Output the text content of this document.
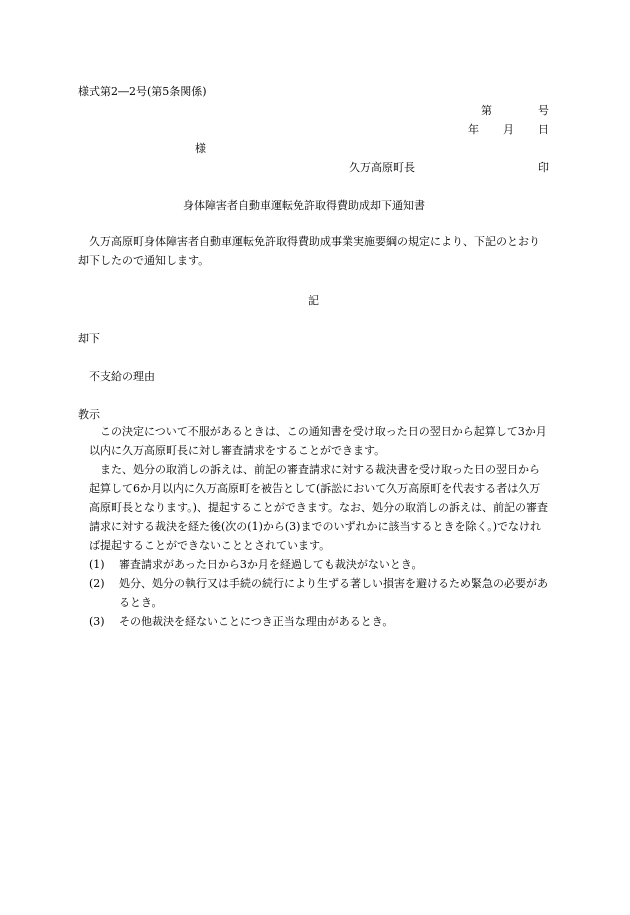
様式第2―2号(第5条関係)
第	号
年 月 日
様
久万高原町長	印
身体障害者自動車運転免許取得費助成却下通知書
久万高原町身体障害者自動車運転免許取得費助成事業実施要綱の規定により、下記のとおり却下したので通知します。
記
却下
不支給の理由
教示
この決定について不服があるときは、この通知書を受け取った日の翌日から起算して3か月以内に久万高原町長に対し審査請求をすることができます。
また、処分の取消しの訴えは、前記の審査請求に対する裁決書を受け取った日の翌日から起算して6か月以内に久万高原町を被告として(訴訟において久万高原町を代表する者は久万高原町長となります。)、提起することができます。なお、処分の取消しの訴えは、前記の審査請求に対する裁決を経た後(次の(1)から(3)までのいずれかに該当するときを除く。)でなければ提起することができないこととされています。
(1) 審査請求があった日から3か月を経過しても裁決がないとき。
(2) 処分、処分の執行又は手続の続行により生ずる著しい損害を避けるため緊急の必要があるとき。
(3) その他裁決を経ないことにつき正当な理由があるとき。
